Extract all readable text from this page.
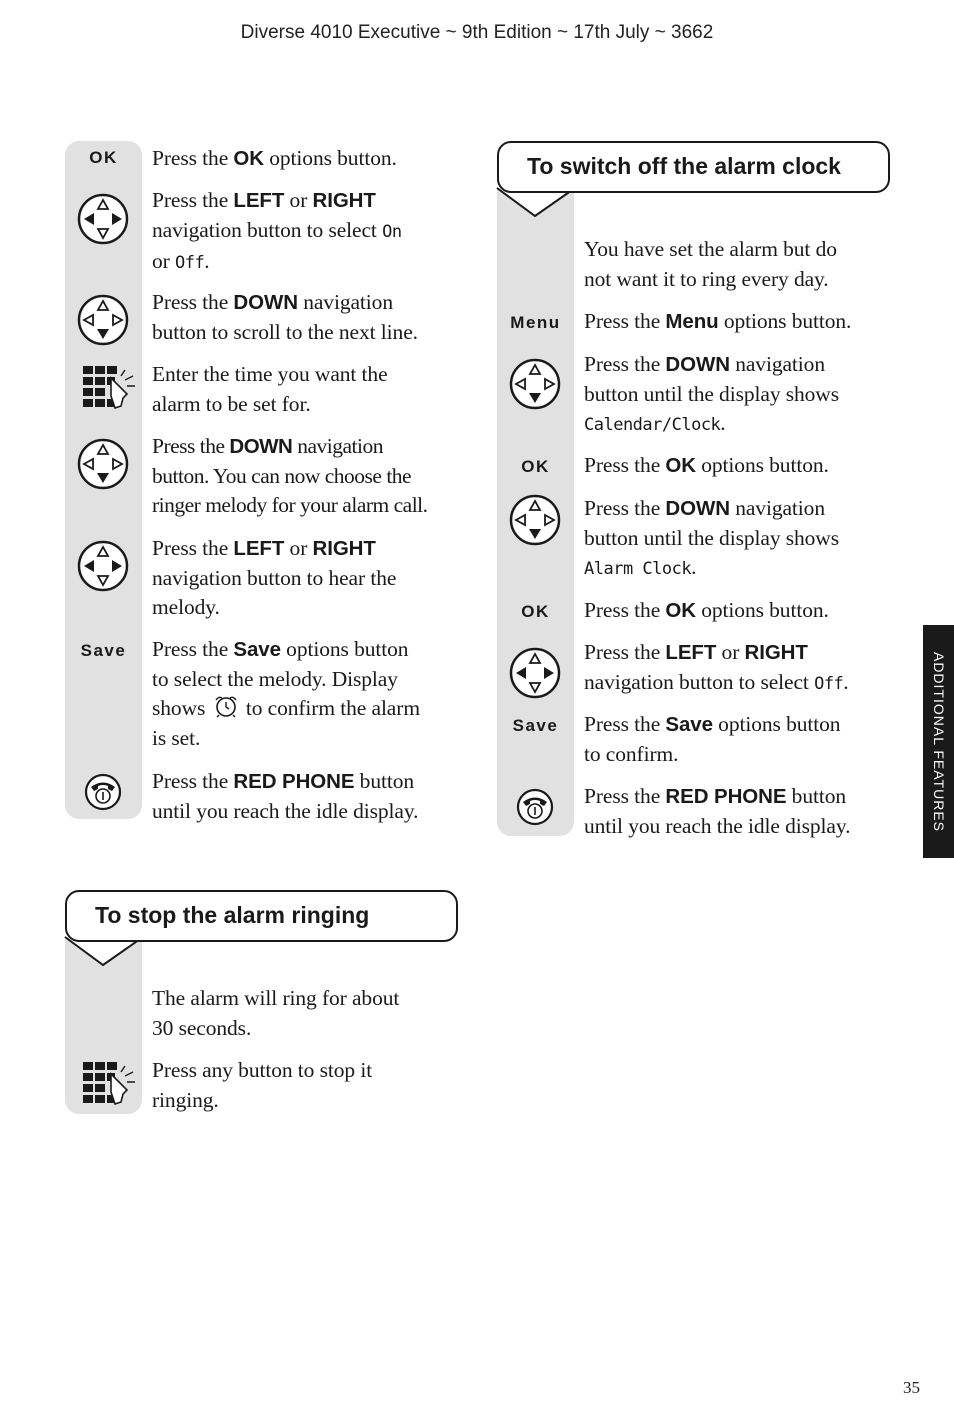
Diverse 4010 Executive ~ 9th Edition ~ 17th July ~ 3662
OK	Press the OK options button.
Press the LEFT or RIGHT
navigation button to select On
or Off.
Press the DOWN navigation
button to scroll to the next line.
Enter the time you want the
alarm to be set for.
Press the DOWN navigation
button. You can now choose the
ringer melody for your alarm call.
Press the LEFT or RIGHT
navigation button to hear the
melody.
Save	Press the Save options button
to select the melody. Display
shows  to confirm the alarm
is set.
Press the RED PHONE button
until you reach the idle display.
To stop the alarm ringing
The alarm will ring for about
30 seconds.
Press any button to stop it
ringing.
To switch off the alarm clock
You have set the alarm but do
not want it to ring every day.
Menu	Press the Menu options button.
Press the DOWN navigation
button until the display shows
Calendar/Clock.
OK	Press the OK options button.
Press the DOWN navigation
button until the display shows
Alarm Clock.
OK	Press the OK options button.
Press the LEFT or RIGHT
navigation button to select Off.
Save	Press the Save options button
to confirm.
Press the RED PHONE button
until you reach the idle display.	ADDITIONAL FEATURES
35
